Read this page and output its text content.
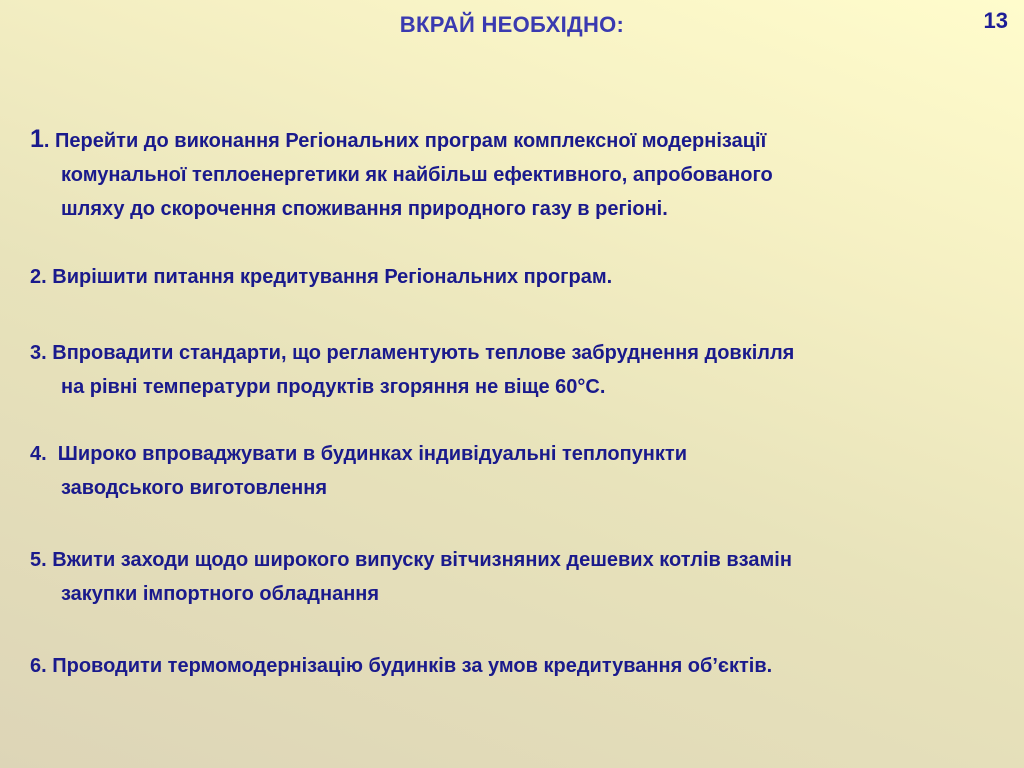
ВКРАЙ НЕОБХІДНО:	13
1. Перейти до виконання Регіональних програм комплексної модернізації
комунальної теплоенергетики як найбільш ефективного, апробованого
шляху до скорочення споживання природного газу в регіоні.
2. Вирішити питання кредитування Регіональних програм.
3. Впровадити стандарти, що регламентують теплове забруднення довкілля
на рівні температури продуктів згоряння не віще 60°С.
4.  Широко впроваджувати в будинках індивідуальні теплопункти
заводського виготовлення
5. Вжити заходи щодо широкого випуску вітчизняних дешевих котлів взамін
закупки імпортного обладнання
6. Проводити термомодернізацію будинків за умов кредитування об’єктів.
